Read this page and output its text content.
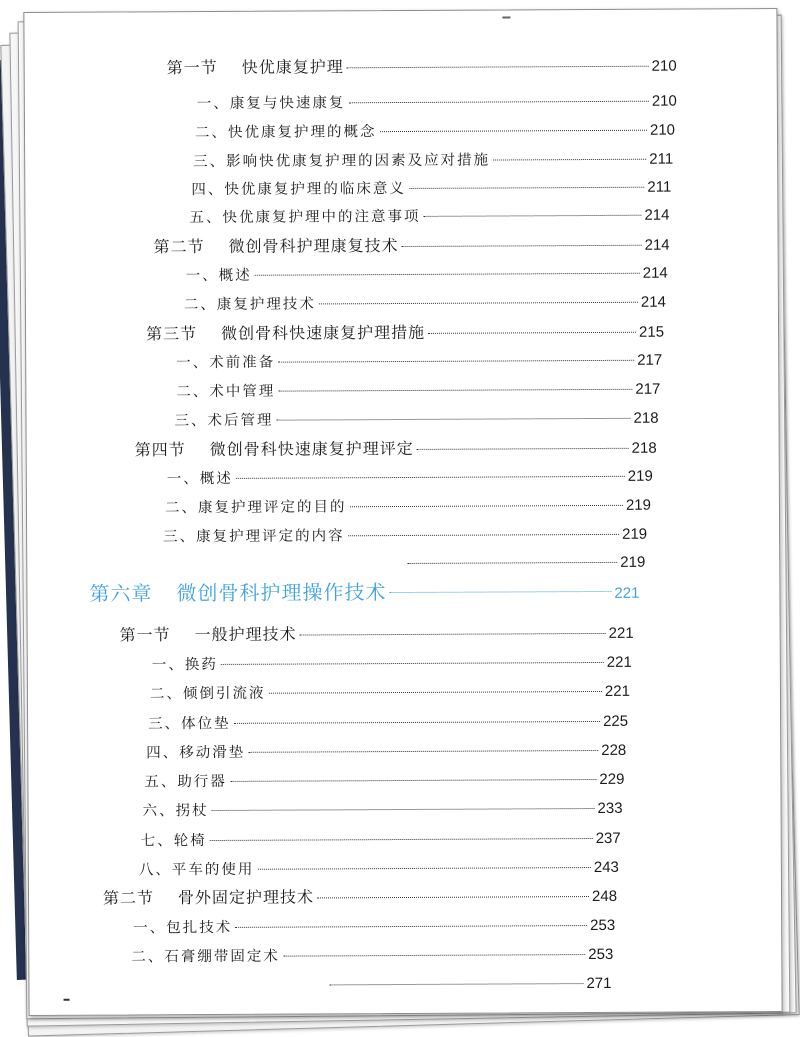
第一节 快优康复护理	210
一、康复与快速康复	210
二、快优康复护理的概念	210
三、影响快优康复护理的因素及应对措施	211
四、快优康复护理的临床意义	211
五、快优康复护理中的注意事项	214
第二节 微创骨科护理康复技术	214
一、概述	214
二、康复护理技术	214
第三节 微创骨科快速康复护理措施	215
一、术前准备	217
二、术中管理	217
三、术后管理	218
第四节 微创骨科快速康复护理评定	218
一、概述	219
二、康复护理评定的目的	219
三、康复护理评定的内容	219
219
第六章 微创骨科护理操作技术	221
第一节 一般护理技术	221
一、换药	221
二、倾倒引流液	221
三、体位垫	225
四、移动滑垫	228
五、助行器	229
六、拐杖	233
七、轮椅	237
八、平车的使用	243
第二节 骨外固定护理技术	248
一、包扎技术	253
二、石膏绷带固定术	253
271
